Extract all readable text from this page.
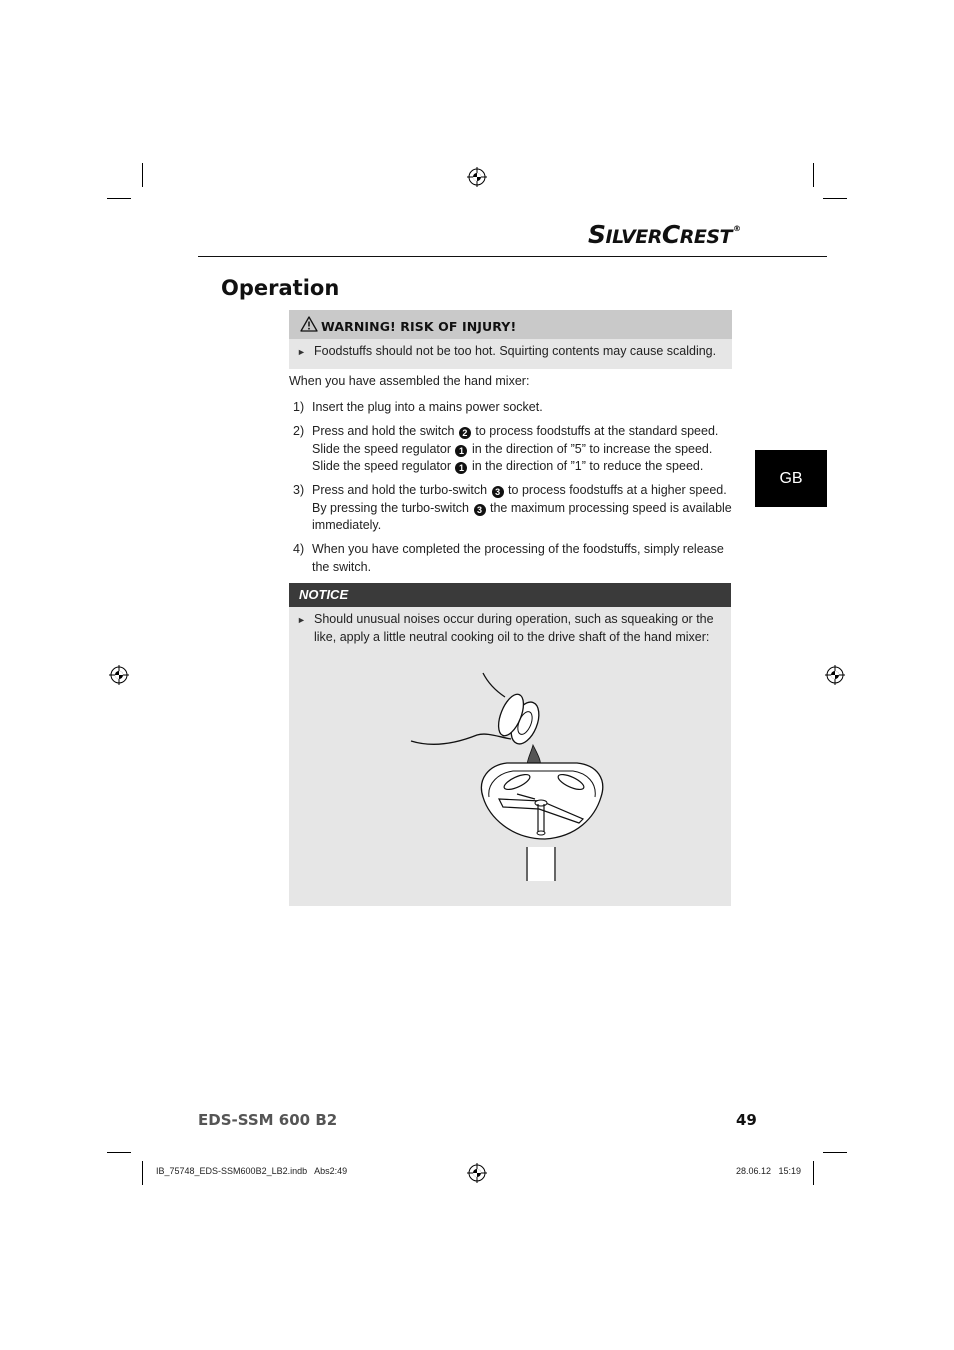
SILVERCREST®
Operation
GB
WARNING! RISK OF INJURY!
► Foodstuffs should not be too hot. Squirting contents may cause scalding.
When you have assembled the hand mixer:
1) Insert the plug into a mains power socket.
2) Press and hold the switch 2 to process foodstuffs at the standard speed.
Slide the speed regulator 1 in the direction of ”5” to increase the speed.
Slide the speed regulator 1 in the direction of ”1” to reduce the speed.
3) Press and hold the turbo-switch 3 to process foodstuffs at a higher speed.
By pressing the turbo-switch 3 the maximum processing speed is available
immediately.
4) When you have completed the processing of the foodstuffs, simply release
the switch.
NOTICE
► Should unusual noises occur during operation, such as squeaking or the
like, apply a little neutral cooking oil to the drive shaft of the hand mixer:
EDS-SSM 600 B2	49
IB_75748_EDS-SSM600B2_LB2.indb   Abs2:49	28.06.12   15:19
